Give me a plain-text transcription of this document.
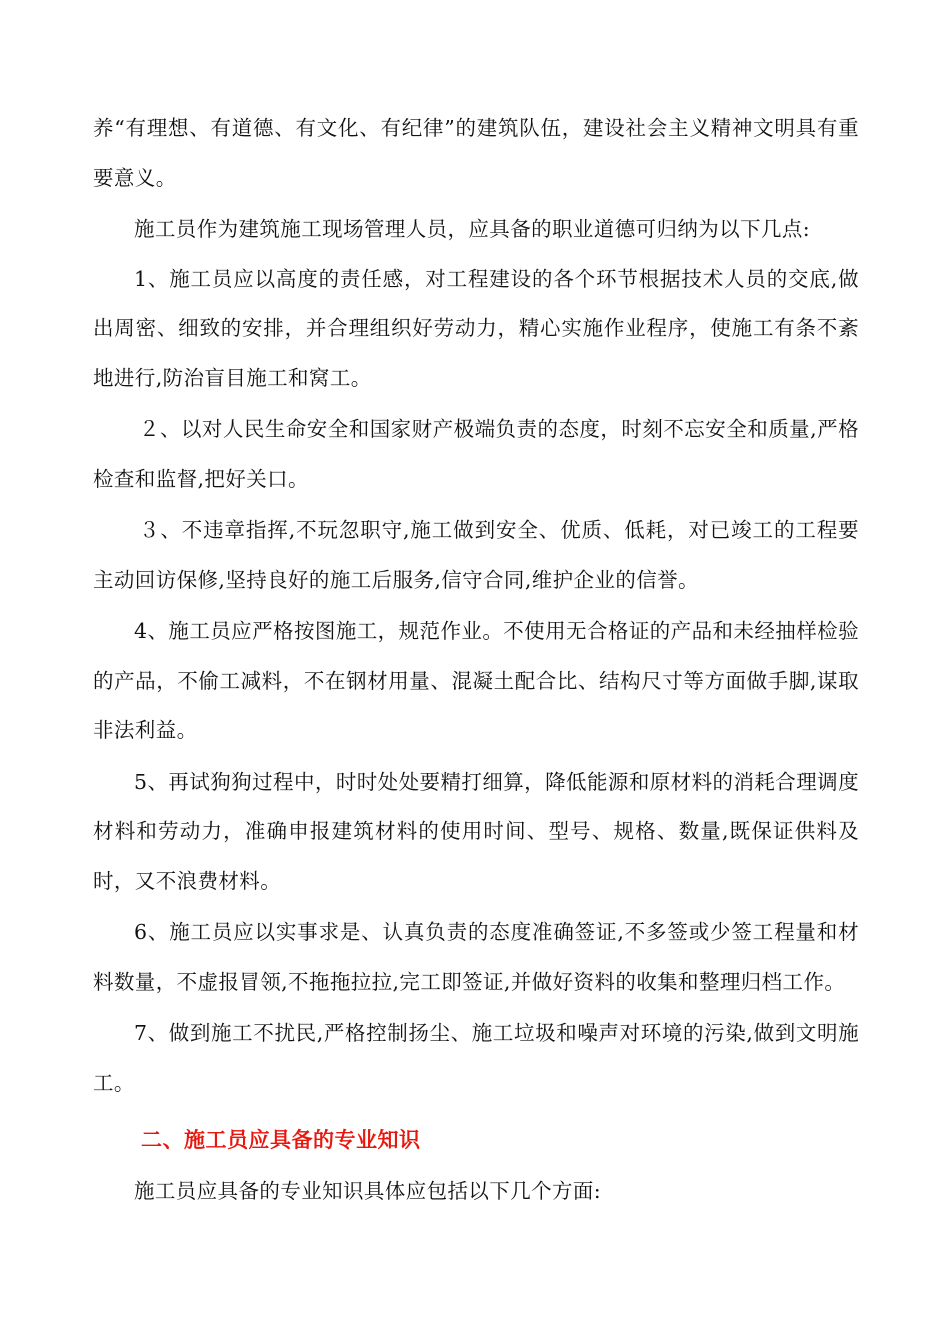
养“有理想、有道德、有文化、有纪律”的建筑队伍，建设社会主义精神文明具有重要意义。

施工员作为建筑施工现场管理人员，应具备的职业道德可归纳为以下几点:

1、施工员应以高度的责任感，对工程建设的各个环节根据技术人员的交底,做出周密、细致的安排，并合理组织好劳动力，精心实施作业程序，使施工有条不紊地进行,防治盲目施工和窝工。

２、以对人民生命安全和国家财产极端负责的态度，时刻不忘安全和质量,严格检查和监督,把好关口。

３、不违章指挥,不玩忽职守,施工做到安全、优质、低耗，对已竣工的工程要主动回访保修,坚持良好的施工后服务,信守合同,维护企业的信誉。

4、施工员应严格按图施工，规范作业。不使用无合格证的产品和未经抽样检验的产品，不偷工减料，不在钢材用量、混凝土配合比、结构尺寸等方面做手脚,谋取非法利益。

5、再试狗狗过程中，时时处处要精打细算，降低能源和原材料的消耗合理调度材料和劳动力，准确申报建筑材料的使用时间、型号、规格、数量,既保证供料及时，又不浪费材料。

6、施工员应以实事求是、认真负责的态度准确签证,不多签或少签工程量和材料数量，不虚报冒领,不拖拖拉拉,完工即签证,并做好资料的收集和整理归档工作。

7、做到施工不扰民,严格控制扬尘、施工垃圾和噪声对环境的污染,做到文明施工。

二、施工员应具备的专业知识

施工员应具备的专业知识具体应包括以下几个方面:
